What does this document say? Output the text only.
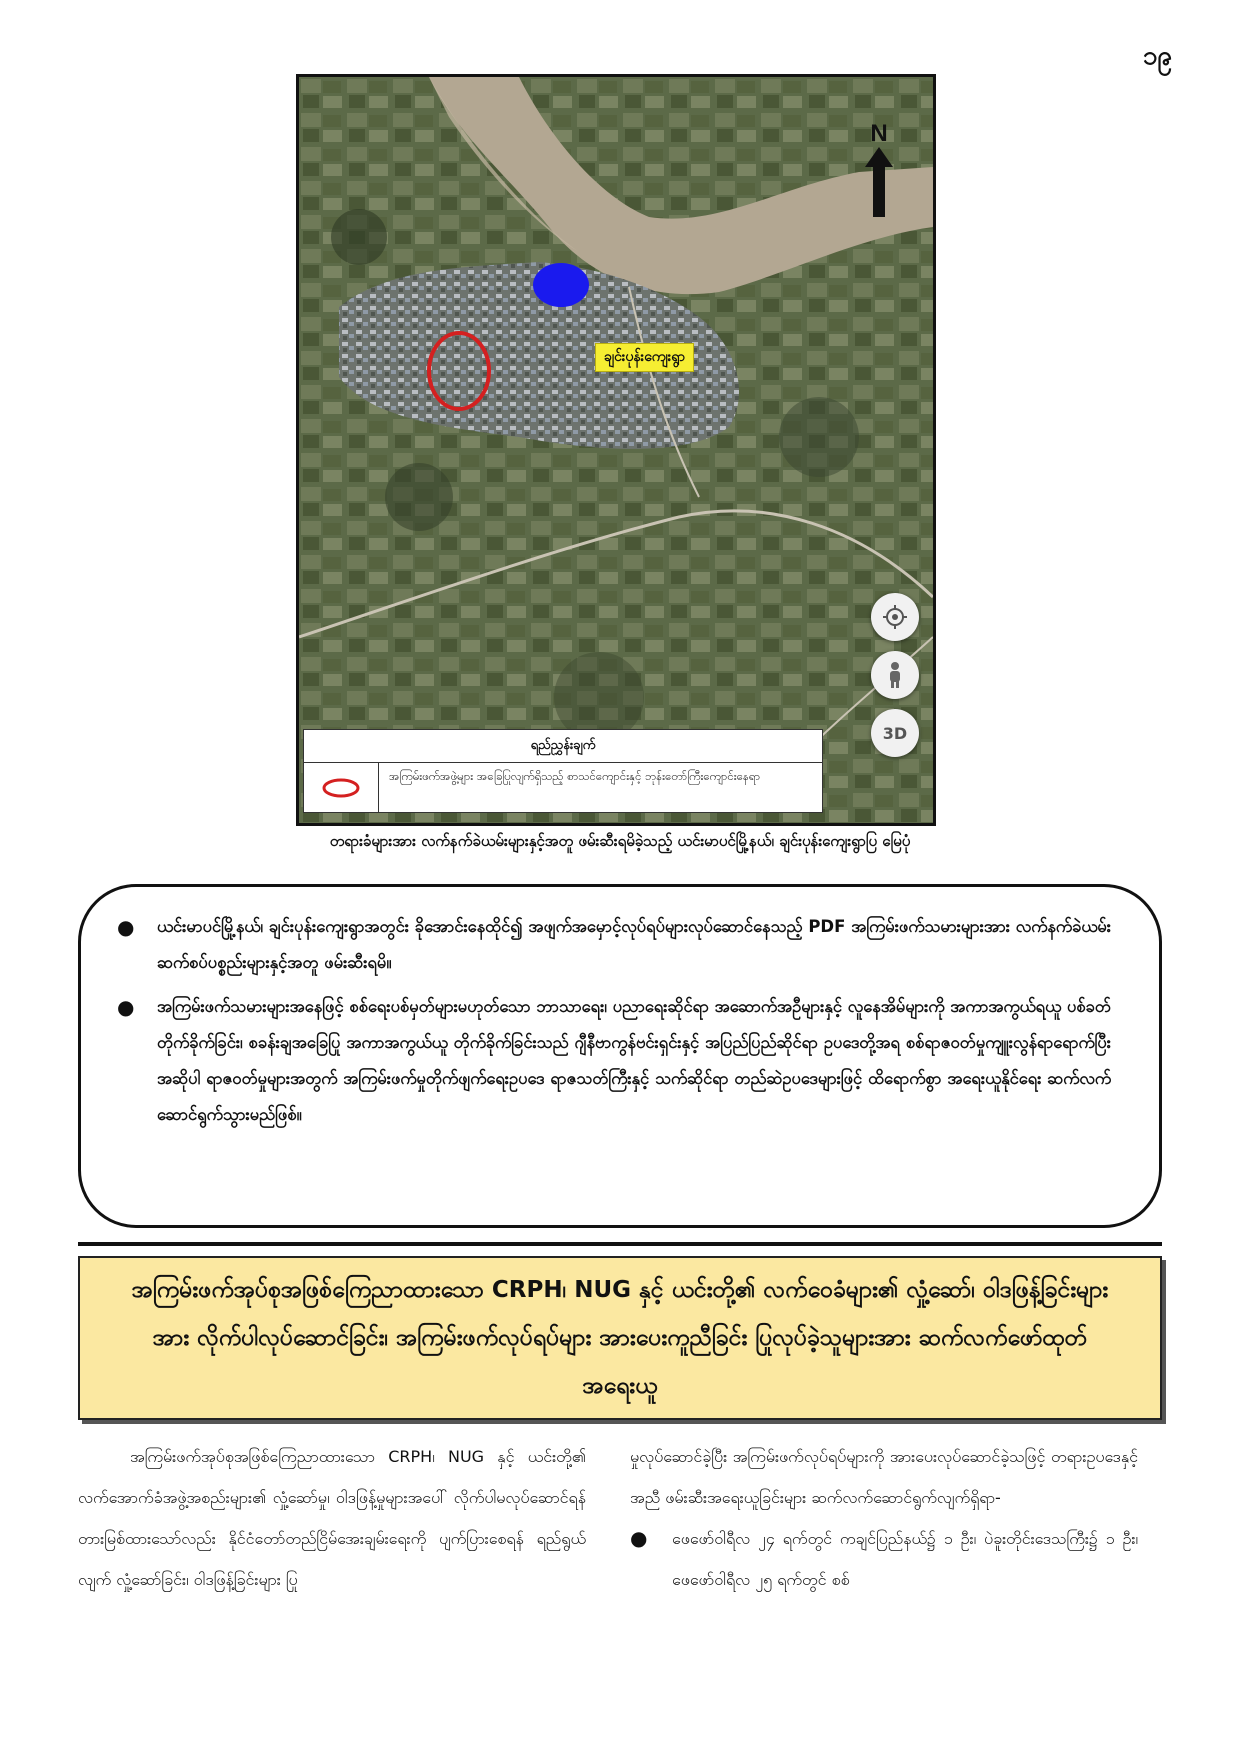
၁၉
N
ချင်းပုန်းကျေးရွာ
3D
ရည်ညွှန်းချက်
အကြမ်းဖက်အဖွဲ့များ အခြေပြုလျက်ရှိသည့် စာသင်ကျောင်းနှင့် ဘုန်းတော်ကြီးကျောင်းနေရာ
တရားခံများအား လက်နက်ခဲယမ်းများနှင့်အတူ ဖမ်းဆီးရမိခဲ့သည့် ယင်းမာပင်မြို့နယ်၊ ချင်းပုန်းကျေးရွာပြ မြေပုံ
● ယင်းမာပင်မြို့နယ်၊ ချင်းပုန်းကျေးရွာအတွင်း ခိုအောင်းနေထိုင်၍ အဖျက်အမှောင့်လုပ်ရပ်များလုပ်ဆောင်နေသည့် PDF အကြမ်းဖက်သမားများအား လက်နက်ခဲယမ်းဆက်စပ်ပစ္စည်းများနှင့်အတူ ဖမ်းဆီးရမိ။
● အကြမ်းဖက်သမားများအနေဖြင့် စစ်ရေးပစ်မှတ်များမဟုတ်သော ဘာသာရေး၊ ပညာရေးဆိုင်ရာ အဆောက်အဦများနှင့် လူနေအိမ်များကို အကာအကွယ်ရယူ ပစ်ခတ်တိုက်ခိုက်ခြင်း၊ စခန်းချအခြေပြု အကာအကွယ်ယူ တိုက်ခိုက်ခြင်းသည် ဂျီနီဗာကွန်ဗင်းရှင်းနှင့် အပြည်ပြည်ဆိုင်ရာ ဥပဒေတို့အရ စစ်ရာဇဝတ်မှုကျူးလွန်ရာရောက်ပြီး အဆိုပါ ရာဇဝတ်မှုများအတွက် အကြမ်းဖက်မှုတိုက်ဖျက်ရေးဥပဒေ ရာဇသတ်ကြီးနှင့် သက်ဆိုင်ရာ တည်ဆဲဥပဒေများဖြင့် ထိရောက်စွာ အရေးယူနိုင်ရေး ဆက်လက်ဆောင်ရွက်သွားမည်ဖြစ်။
အကြမ်းဖက်အုပ်စုအဖြစ်ကြေညာထားသော CRPH၊ NUG နှင့် ယင်းတို့၏ လက်ဝေခံများ၏ လှုံ့ဆော်၊ ဝါဒဖြန့်ခြင်းများအား လိုက်ပါလုပ်ဆောင်ခြင်း၊ အကြမ်းဖက်လုပ်ရပ်များ အားပေးကူညီခြင်း ပြုလုပ်ခဲ့သူများအား ဆက်လက်ဖော်ထုတ်အရေးယူ

အကြမ်းဖက်အုပ်စုအဖြစ်ကြေညာထားသော CRPH၊ NUG နှင့် ယင်းတို့၏ လက်အောက်ခံအဖွဲ့အစည်းများ၏ လှုံ့ဆော်မှု၊ ဝါဒဖြန့်မှုများအပေါ် လိုက်ပါမလုပ်ဆောင်ရန် တားမြစ်ထားသော်လည်း နိုင်ငံတော်တည်ငြိမ်အေးချမ်းရေးကို ပျက်ပြားစေရန် ရည်ရွယ်လျက် လှုံ့ဆော်ခြင်း၊ ဝါဒဖြန့်ခြင်းများ ပြု

မှုလုပ်ဆောင်ခဲ့ပြီး အကြမ်းဖက်လုပ်ရပ်များကို အားပေးလုပ်ဆောင်ခဲ့သဖြင့် တရားဥပဒေနှင့်အညီ ဖမ်းဆီးအရေးယူခြင်းများ ဆက်လက်ဆောင်ရွက်လျက်ရှိရာ-

● ဖေဖော်ဝါရီလ ၂၄ ရက်တွင် ကချင်ပြည်နယ်၌ ၁ ဦး၊ ပဲခူးတိုင်းဒေသကြီး၌ ၁ ဦး၊ ဖေဖော်ဝါရီလ ၂၅ ရက်တွင် စစ်
